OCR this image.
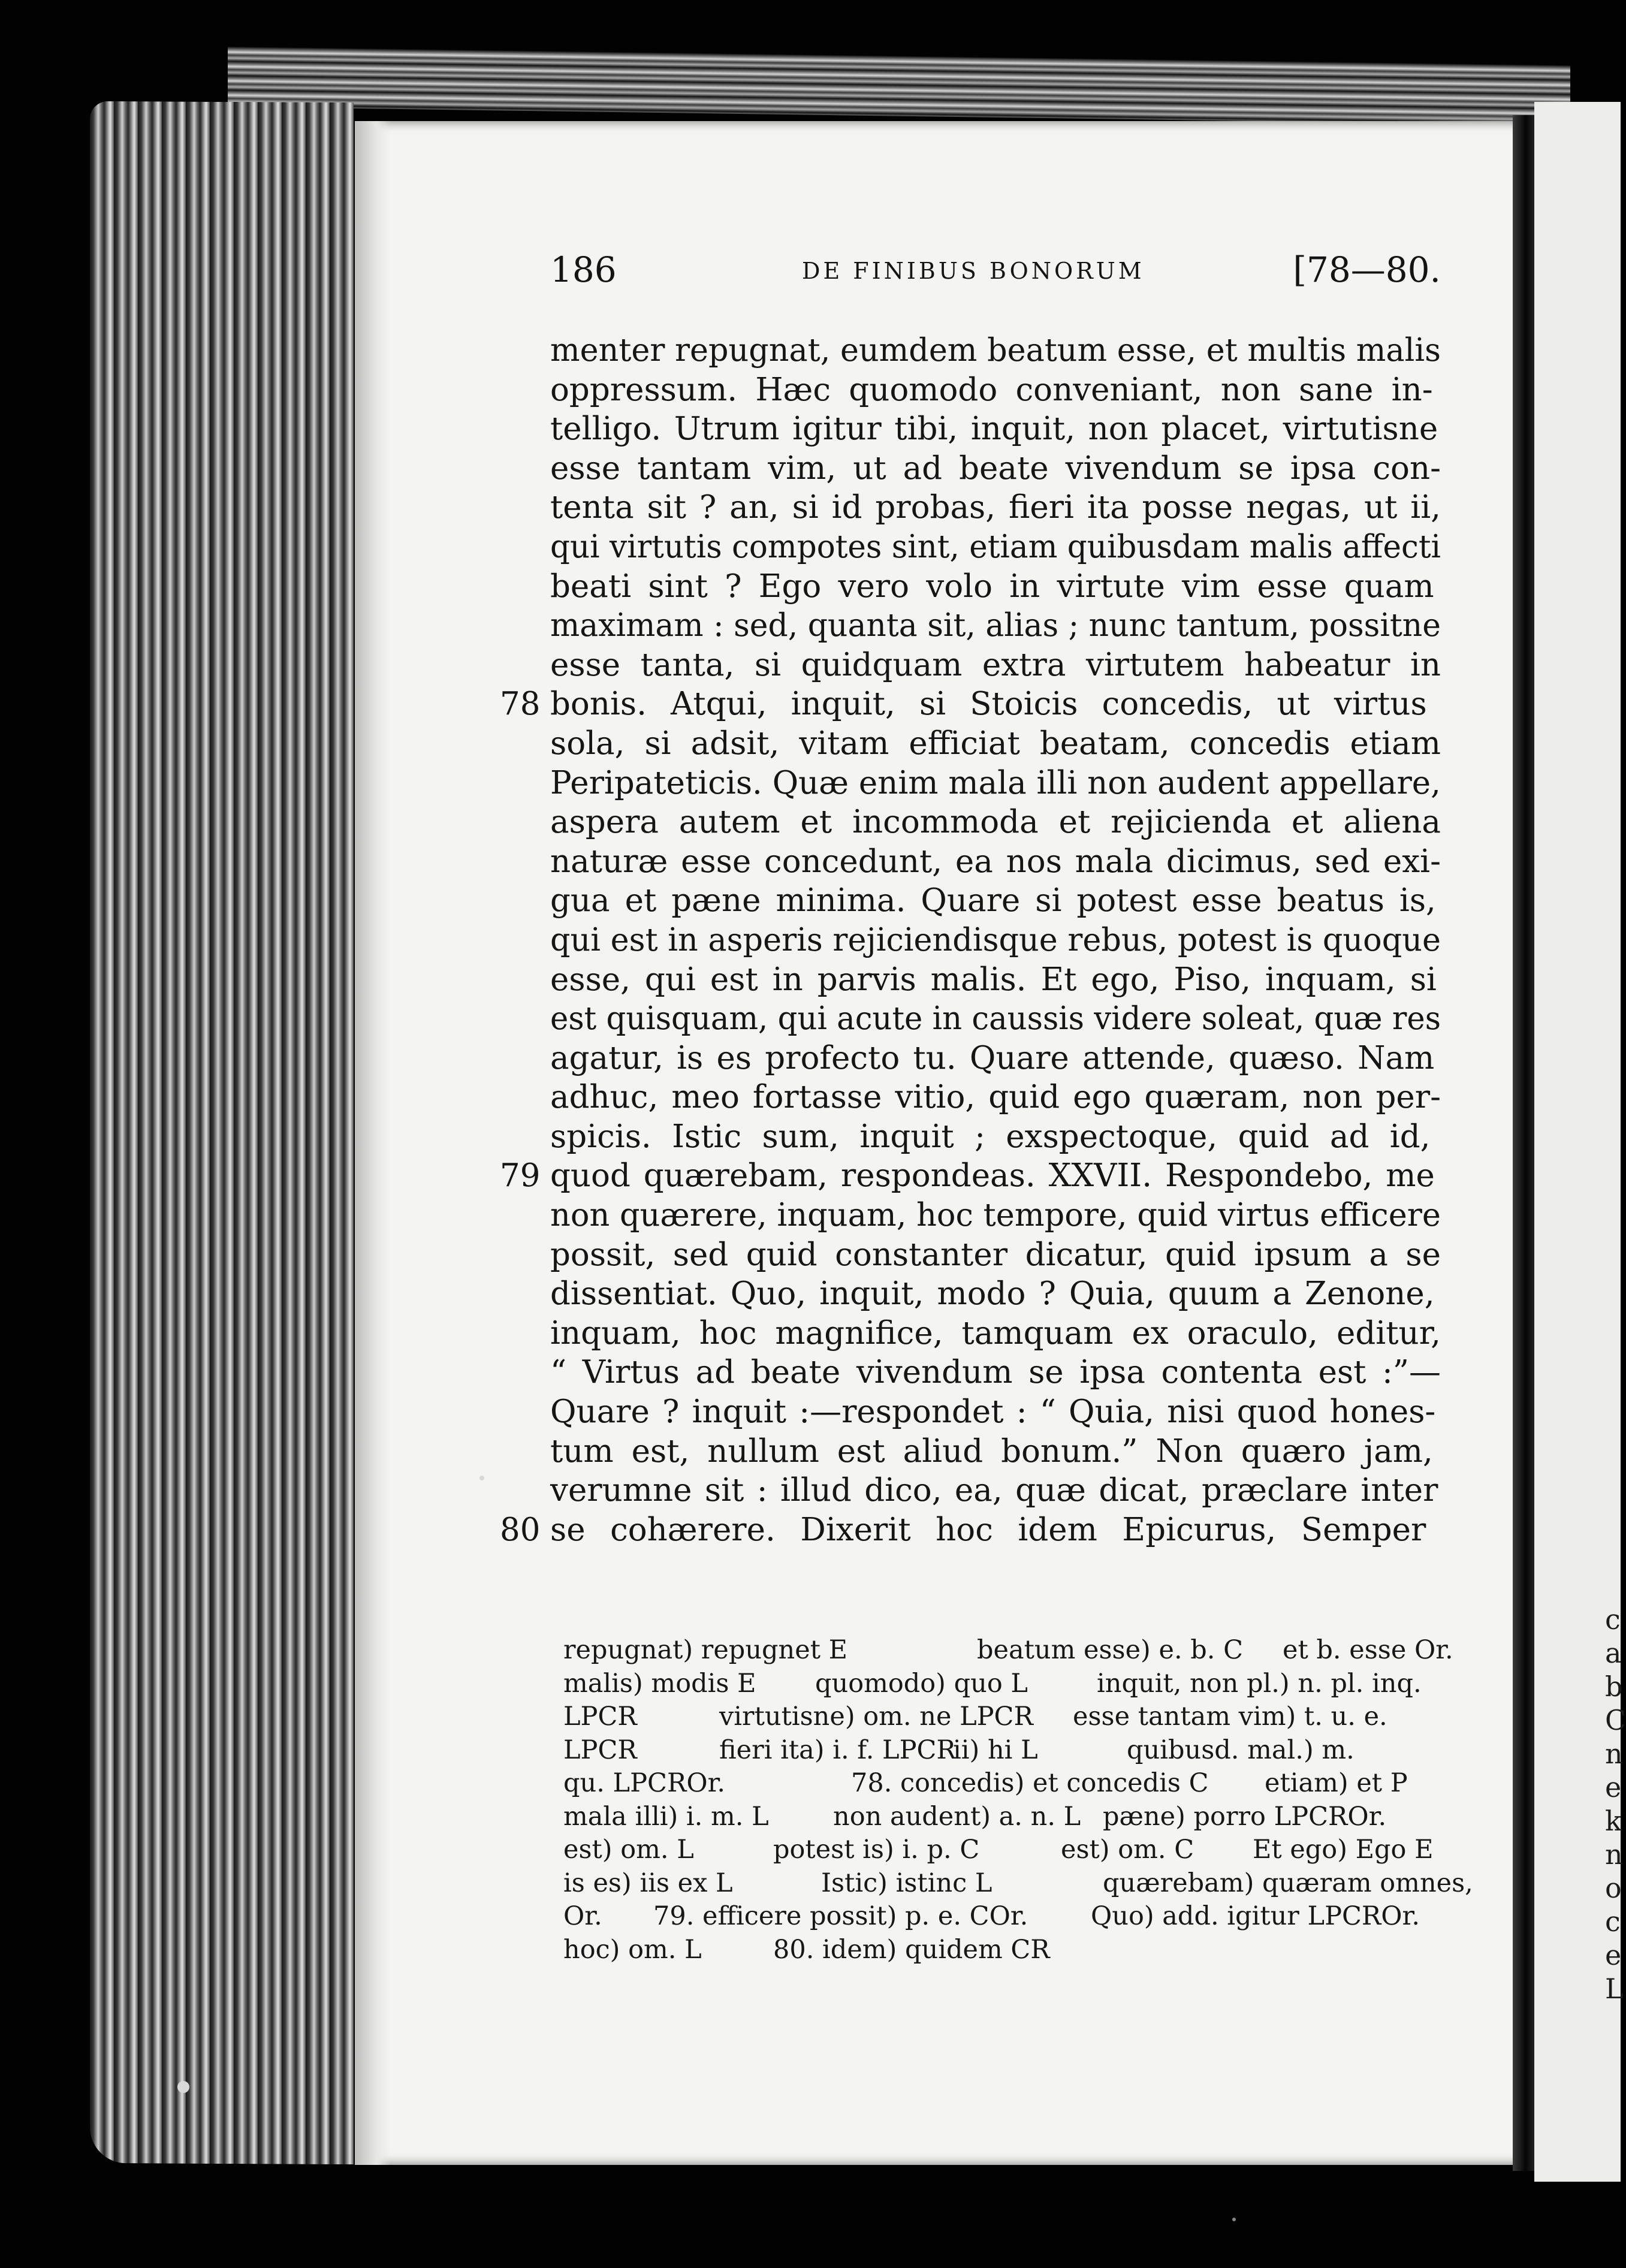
c
a
b
C
n
e
k
n
o
c
e
L
186	DE FINIBUS BONORUM	[78—80.
menter repugnat, eumdem beatum esse, et multis malis
oppressum. Hæc quomodo conveniant, non sane in-
telligo. Utrum igitur tibi, inquit, non placet, virtutisne
esse tantam vim, ut ad beate vivendum se ipsa con-
tenta sit ? an, si id probas, fieri ita posse negas, ut ii,
qui virtutis compotes sint, etiam quibusdam malis affecti
beati sint ? Ego vero volo in virtute vim esse quam
maximam : sed, quanta sit, alias ; nunc tantum, possitne
esse tanta, si quidquam extra virtutem habeatur in
78 bonis. Atqui, inquit, si Stoicis concedis, ut virtus
sola, si adsit, vitam efficiat beatam, concedis etiam
Peripateticis. Quæ enim mala illi non audent appellare,
aspera autem et incommoda et rejicienda et aliena
naturæ esse concedunt, ea nos mala dicimus, sed exi-
gua et pæne minima. Quare si potest esse beatus is,
qui est in asperis rejiciendisque rebus, potest is quoque
esse, qui est in parvis malis. Et ego, Piso, inquam, si
est quisquam, qui acute in caussis videre soleat, quæ res
agatur, is es profecto tu. Quare attende, quæso. Nam
adhuc, meo fortasse vitio, quid ego quæram, non per-
spicis. Istic sum, inquit ; exspectoque, quid ad id,
79 quod quærebam, respondeas. XXVII. Respondebo, me
non quærere, inquam, hoc tempore, quid virtus efficere
possit, sed quid constanter dicatur, quid ipsum a se
dissentiat. Quo, inquit, modo ? Quia, quum a Zenone,
inquam, hoc magnifice, tamquam ex oraculo, editur,
“ Virtus ad beate vivendum se ipsa contenta est :”—
Quare ? inquit :—respondet : “ Quia, nisi quod hones-
tum est, nullum est aliud bonum.” Non quæro jam,
verumne sit : illud dico, ea, quæ dicat, præclare inter
80 se cohærere. Dixerit hoc idem Epicurus, Semper
repugnat) repugnet E	beatum esse) e. b. C et b. esse Or.
malis) modis E quomodo) quo L	inquit, non pl.) n. pl. inq.
LPCR	virtutisne) om. ne LPCR esse tantam vim) t. u. e.
LPCR	fieri ita) i. f. LPCR
ii) hi L	quibusd. mal.) m.
qu. LPCROr.	78. concedis) et concedis C etiam) et P
mala illi) i. m. L non audent) a. n. L pæne) porro LPCROr.
est) om. L	potest is) i. p. C	est) om. C Et ego) Ego E
is es) iis ex L	Istic) istinc L	quærebam) quæram omnes,
Or. 79. efficere possit) p. e. COr. Quo) add. igitur LPCROr.
hoc) om. L	80. idem) quidem CR
